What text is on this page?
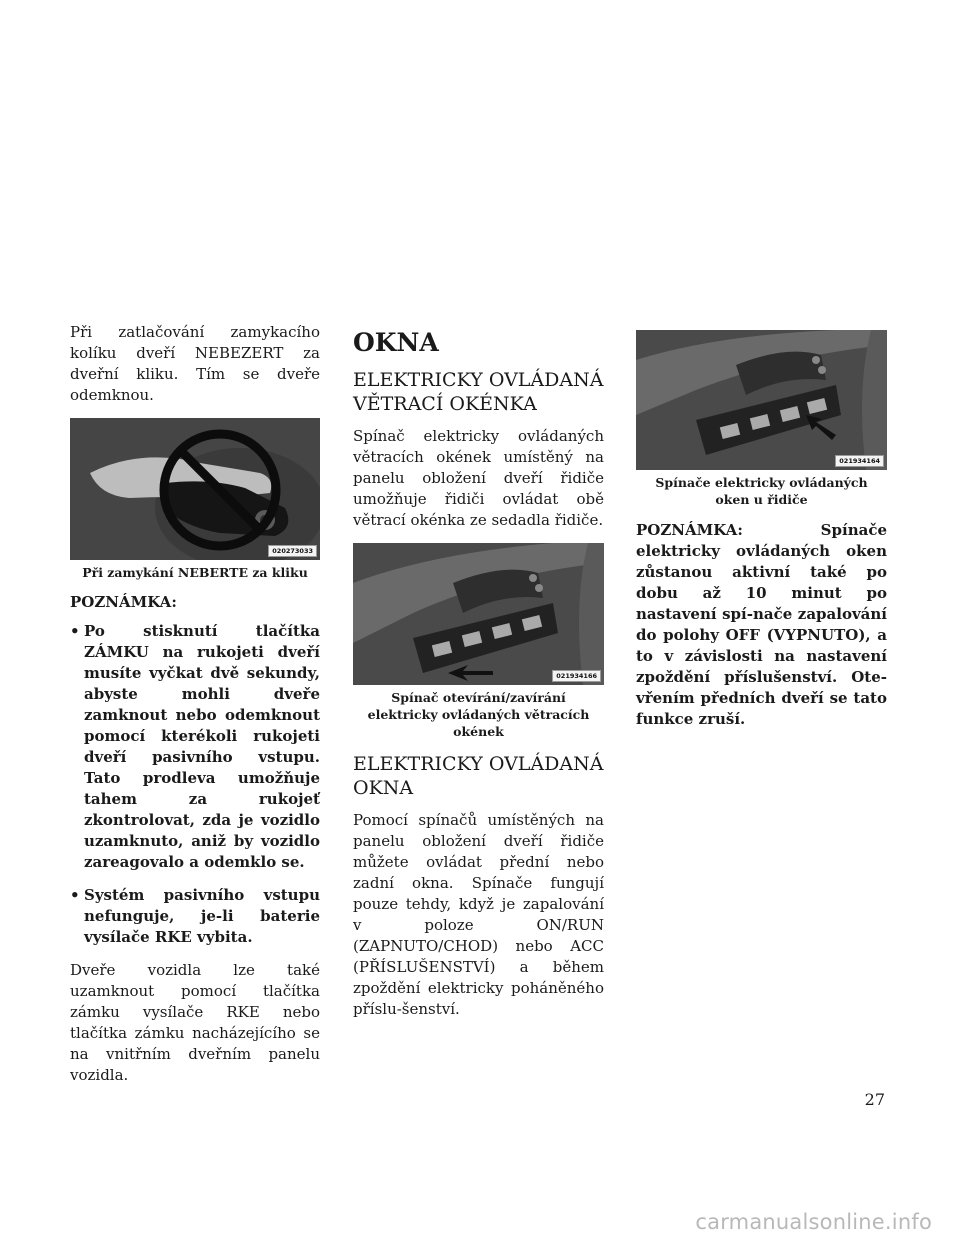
Při zatlačování zamykacího kolíku dveří NEBEZERT za dveřní kliku. Tím se dveře odemknou.

020273033
Při zamykání NEBERTE za kliku
POZNÁMKA:
• Po stisknutí tlačítka ZÁMKU na rukojeti dveří musíte vyčkat dvě sekundy, abyste mohli dveře zamknout nebo odemknout pomocí kterékoli rukojeti dveří pasivního vstupu. Tato prodleva umožňuje tahem za rukojeť zkontrolovat, zda je vozidlo uzamknuto, aniž by vozidlo zareagovalo a odemklo se.
• Systém pasivního vstupu nefunguje, je-li baterie vysílače RKE vybita.

Dveře vozidla lze také uzamknout pomocí tlačítka zámku vysílače RKE nebo tlačítka zámku nacházejícího se na vnitřním dveřním panelu vozidla.

OKNA
ELEKTRICKY OVLÁDANÁ VĚTRACÍ OKÉNKA

Spínač elektricky ovládaných větracích okének umístěný na panelu obložení dveří řidiče umožňuje řidiči ovládat obě větrací okénka ze sedadla řidiče.

021934166
Spínač otevírání/zavírání elektricky ovládaných větracích okének
ELEKTRICKY OVLÁDANÁ OKNA

Pomocí spínačů umístěných na panelu obložení dveří řidiče můžete ovládat přední nebo zadní okna. Spínače fungují pouze tehdy, když je zapalování v poloze ON/RUN (ZAPNUTO/CHOD) nebo ACC (PŘÍSLUŠENSTVÍ) a během zpoždění elektricky poháněného příslu-šenství.

021934164
Spínače elektricky ovládaných oken u řidiče

POZNÁMKA: Spínače elektricky ovládaných oken zůstanou aktivní také po dobu až 10 minut po nastavení spí-nače zapalování do polohy OFF (VYPNUTO), a to v závislosti na nastavení zpoždění příslušenství. Ote-vřením předních dveří se tato funkce zruší.

27
carmanualsonline.info
